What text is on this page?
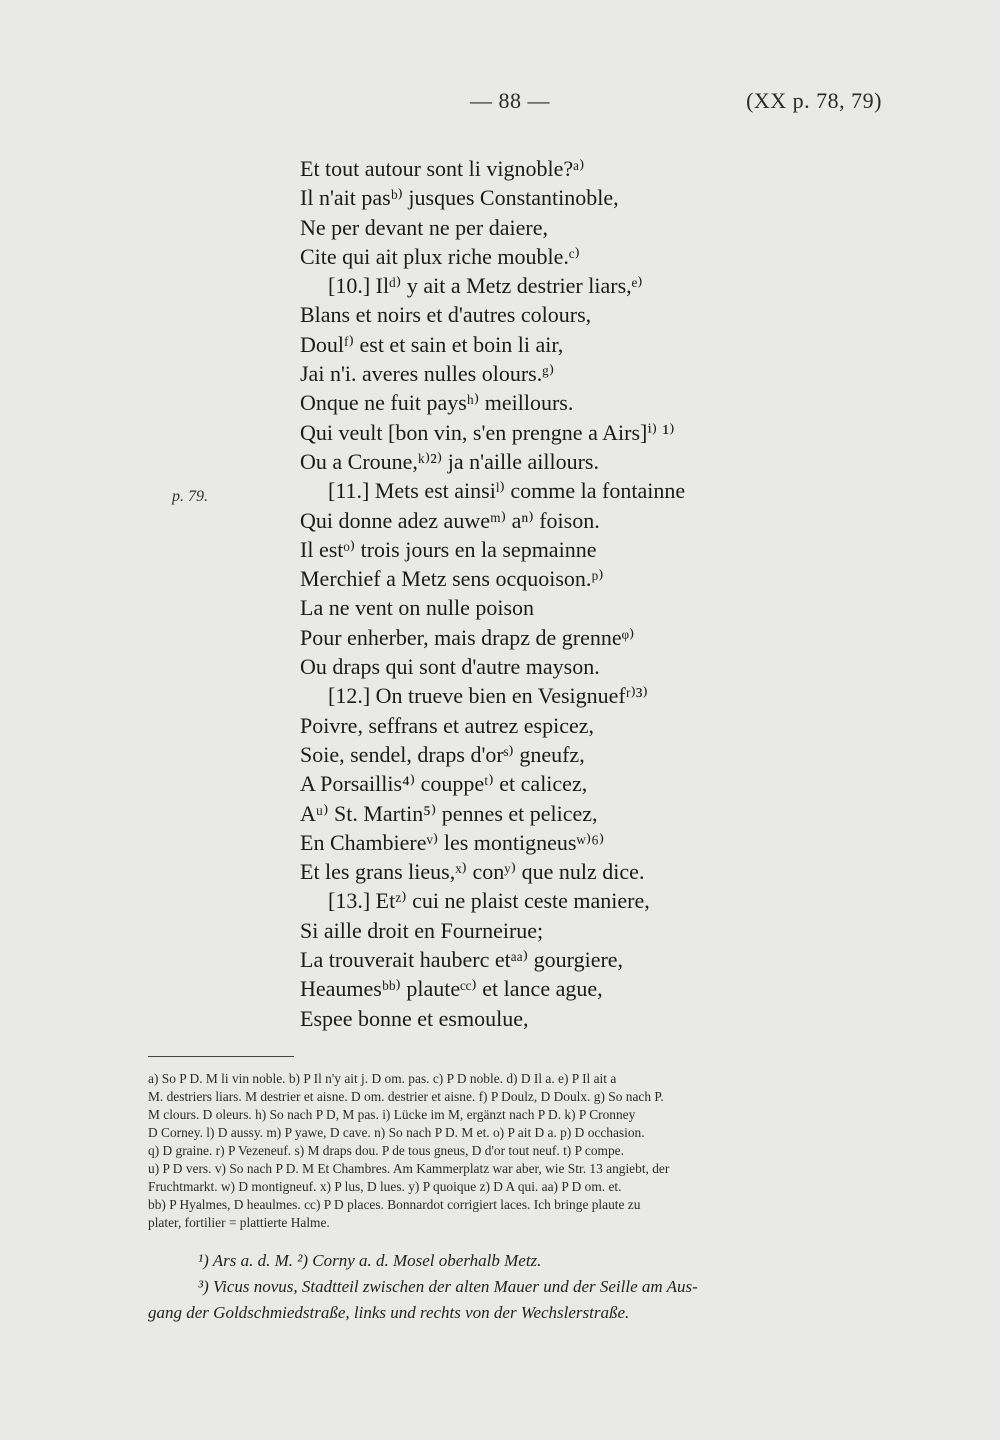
— 88 —	(XX p. 78, 79)
p. 79.
Et tout autour sont li vignoble?ᵃ⁾
Il n'ait pasᵇ⁾ jusques Constantinoble,
Ne per devant ne per daiere,
Cite qui ait plux riche mouble.ᶜ⁾
[10.] Ilᵈ⁾ y ait a Metz destrier liars,ᵉ⁾
Blans et noirs et d'autres colours,
Doulᶠ⁾ est et sain et boin li air,
Jai n'i. averes nulles olours.ᵍ⁾
Onque ne fuit paysʰ⁾ meillours.
Qui veult [bon vin, s'en prengne a Airs]ⁱ⁾ ¹⁾
Ou a Croune,ᵏ⁾²⁾ ja n'aille aillours.
[11.] Mets est ainsiˡ⁾ comme la fontainne
Qui donne adez auweᵐ⁾ aⁿ⁾ foison.
Il estᵒ⁾ trois jours en la sepmainne
Merchief a Metz sens ocquoison.ᵖ⁾
La ne vent on nulle poison
Pour enherber, mais drapz de grenneᵠ⁾
Ou draps qui sont d'autre mayson.
[12.] On trueve bien en Vesignuefʳ⁾³⁾
Poivre, seffrans et autrez espicez,
Soie, sendel, draps d'orˢ⁾ gneufz,
A Porsaillis⁴⁾ couppeᵗ⁾ et calicez,
Aᵘ⁾ St. Martin⁵⁾ pennes et pelicez,
En Chambiereᵛ⁾ les montigneusʷ⁾⁶⁾
Et les grans lieus,ˣ⁾ conʸ⁾ que nulz dice.
[13.] Etᶻ⁾ cui ne plaist ceste maniere,
Si aille droit en Fourneirue;
La trouverait hauberc etᵃᵃ⁾ gourgiere,
Heaumesᵇᵇ⁾ plauteᶜᶜ⁾ et lance ague,
Espee bonne et esmoulue,
a) So P D. M li vin noble. b) P Il n'y ait j. D om. pas. c) P D noble. d) D Il a. e) P Il ait a
M. destriers liars. M destrier et aisne. D om. destrier et aisne. f) P Doulz, D Doulx. g) So nach P.
M clours. D oleurs. h) So nach P D, M pas. i) Lücke im M, ergänzt nach P D. k) P Cronney
D Corney. l) D aussy. m) P yawe, D cave. n) So nach P D. M et. o) P ait D a. p) D occhasion.
q) D graine. r) P Vezeneuf. s) M draps dou. P de tous gneus, D d'or tout neuf. t) P compe.
u) P D vers. v) So nach P D. M Et Chambres. Am Kammerplatz war aber, wie Str. 13 angiebt, der
Fruchtmarkt. w) D montigneuf. x) P lus, D lues. y) P quoique z) D A qui. aa) P D om. et.
bb) P Hyalmes, D heaulmes. cc) P D places. Bonnardot corrigiert laces. Ich bringe plaute zu
plater, fortilier = plattierte Halme.
¹) Ars a. d. M. ²) Corny a. d. Mosel oberhalb Metz.
³) Vicus novus, Stadtteil zwischen der alten Mauer und der Seille am Aus-
gang der Goldschmiedstraße, links und rechts von der Wechslerstraße.
